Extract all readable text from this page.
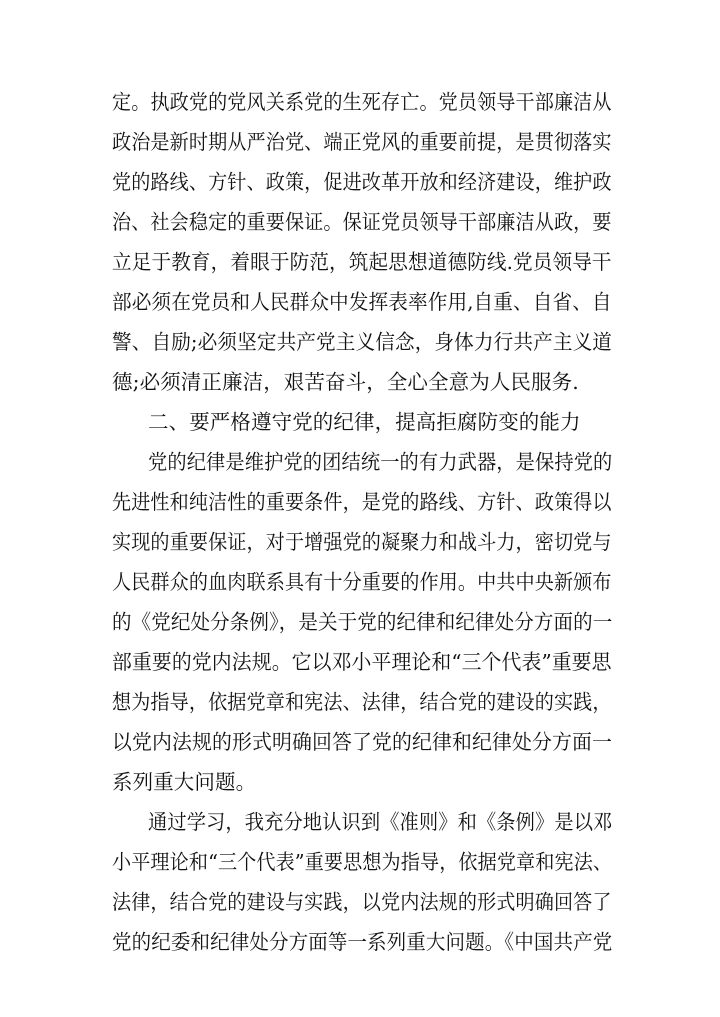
定。执政党的党风关系党的生死存亡。党员领导干部廉洁从
政治是新时期从严治党、端正党风的重要前提，是贯彻落实
党的路线、方针、政策，促进改革开放和经济建设，维护政
治、社会稳定的重要保证。保证党员领导干部廉洁从政，要
立足于教育，着眼于防范，筑起思想道德防线.党员领导干
部必须在党员和人民群众中发挥表率作用,自重、自省、自
警、自励;必须坚定共产党主义信念，身体力行共产主义道
德;必须清正廉洁，艰苦奋斗，全心全意为人民服务.
二、要严格遵守党的纪律，提高拒腐防变的能力
党的纪律是维护党的团结统一的有力武器，是保持党的
先进性和纯洁性的重要条件，是党的路线、方针、政策得以
实现的重要保证，对于增强党的凝聚力和战斗力，密切党与
人民群众的血肉联系具有十分重要的作用。中共中央新颁布
的《党纪处分条例》，是关于党的纪律和纪律处分方面的一
部重要的党内法规。它以邓小平理论和“三个代表”重要思
想为指导，依据党章和宪法、法律，结合党的建设的实践，
以党内法规的形式明确回答了党的纪律和纪律处分方面一
系列重大问题。
通过学习，我充分地认识到《准则》和《条例》是以邓
小平理论和“三个代表”重要思想为指导，依据党章和宪法、
法律，结合党的建设与实践，以党内法规的形式明确回答了
党的纪委和纪律处分方面等一系列重大问题。《中国共产党
